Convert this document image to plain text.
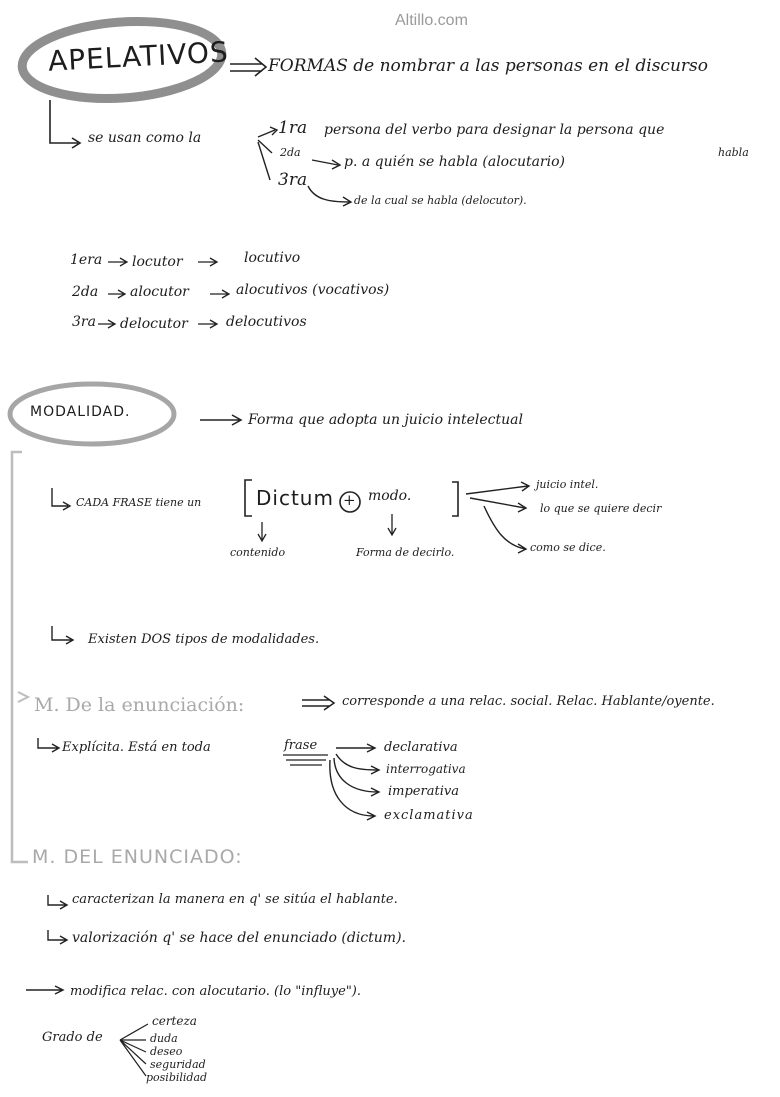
Altillo.com
APELATIVOS FORMAS de nombrar a las personas en el discurso
se usan como la	1ra
2da
3ra
persona del verbo para designar la persona que
habla
p. a quién se habla (alocutario)
de la cual se habla (delocutor).
1era locutor	locutivo
2da alocutor	alocutivos (vocativos)
3ra delocutor	delocutivos
MODALIDAD.	Forma que adopta un juicio intelectual
CADA FRASE tiene un	Dictum + modo.
contenido	Forma de decirlo.
juicio intel.
lo que se quiere decir
como se dice.
Existen DOS tipos de modalidades.
M. De la enunciación:	corresponde a una relac. social. Relac. Hablante/oyente.
Explícita. Está en toda	frase	declarativa
interrogativa
imperativa
exclamativa
M. DEL ENUNCIADO:
caracterizan la manera en q' se sitúa el hablante.
valorización q' se hace del enunciado (dictum).
modifica relac. con alocutario. (lo "influye").
Grado de
certeza
duda
deseo
seguridad
posibilidad
